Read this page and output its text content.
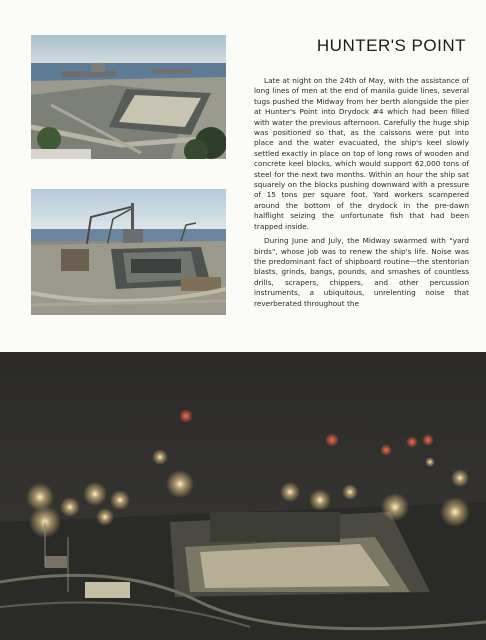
HUNTER'S POINT

Late at night on the 24th of May, with the assistance of long lines of men at the end of manila guide lines, several tugs pushed the Midway from her berth alongside the pier at Hunter's Point into Drydock #4 which had been filled with water the previous afternoon. Carefully the huge ship was positioned so that, as the caissons were put into place and the water evacuated, the ship's keel slowly settled exactly in place on top of long rows of wooden and concrete keel blocks, which would support 62,000 tons of steel for the next two months. Within an hour the ship sat squarely on the blocks pushing downward with a pressure of 15 tons per square foot. Yard workers scampered around the bottom of the drydock in the pre-dawn halflight seizing the unfortunate fish that had been trapped inside.

During June and July, the Midway swarmed with "yard birds", whose job was to renew the ship's life. Noise was the predominant fact of shipboard routine—the stentorian blasts, grinds, bangs, pounds, and smashes of countless drills, scrapers, chippers, and other percussion instruments, a ubiquitous, unrelenting noise that reverberated throughout the
